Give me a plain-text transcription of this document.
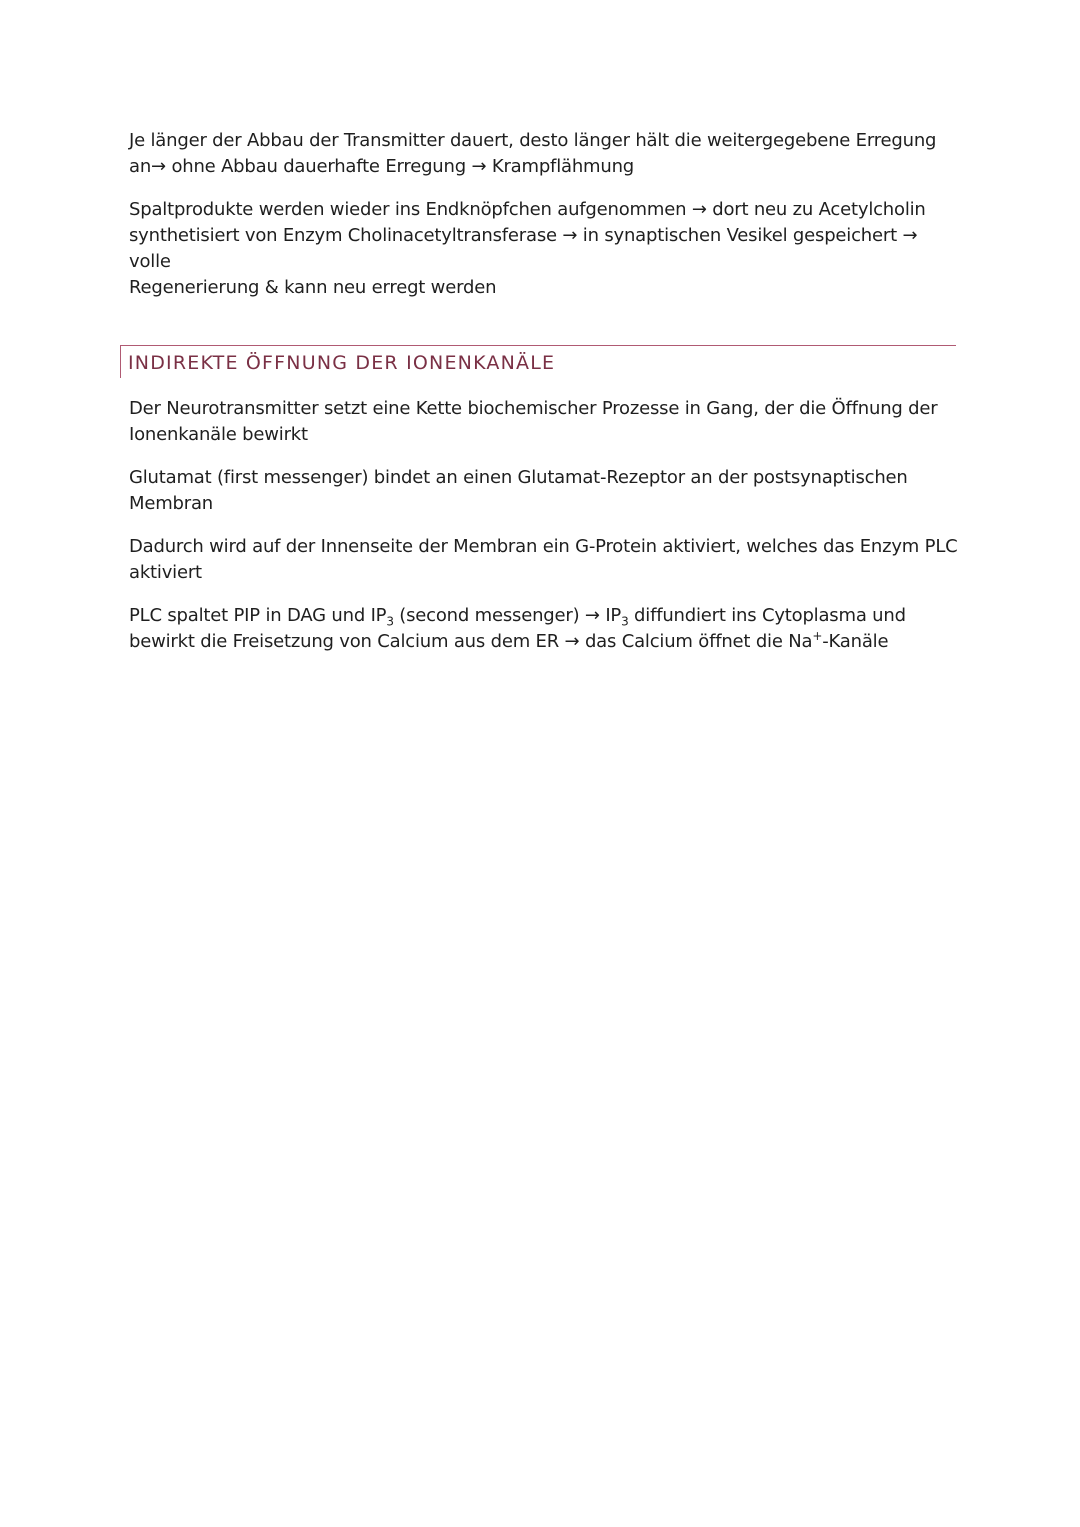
Je länger der Abbau der Transmitter dauert, desto länger hält die weitergegebene Erregung

an→ ohne Abbau dauerhafte Erregung → Krampflähmung

Spaltprodukte werden wieder ins Endknöpfchen aufgenommen → dort neu zu Acetylcholin

synthetisiert von Enzym Cholinacetyltransferase → in synaptischen Vesikel gespeichert → volle

Regenerierung & kann neu erregt werden

INDIREKTE ÖFFNUNG DER IONENKANÄLE

Der Neurotransmitter setzt eine Kette biochemischer Prozesse in Gang, der die Öffnung der

Ionenkanäle bewirkt

Glutamat (first messenger) bindet an einen Glutamat-Rezeptor an der postsynaptischen

Membran

Dadurch wird auf der Innenseite der Membran ein G-Protein aktiviert, welches das Enzym PLC

aktiviert

PLC spaltet PIP in DAG und $IP_3$ (second messenger) → $IP_3$ diffundiert ins Cytoplasma und

bewirkt die Freisetzung von Calcium aus dem ER → das Calcium öffnet die Na+-Kanäle
